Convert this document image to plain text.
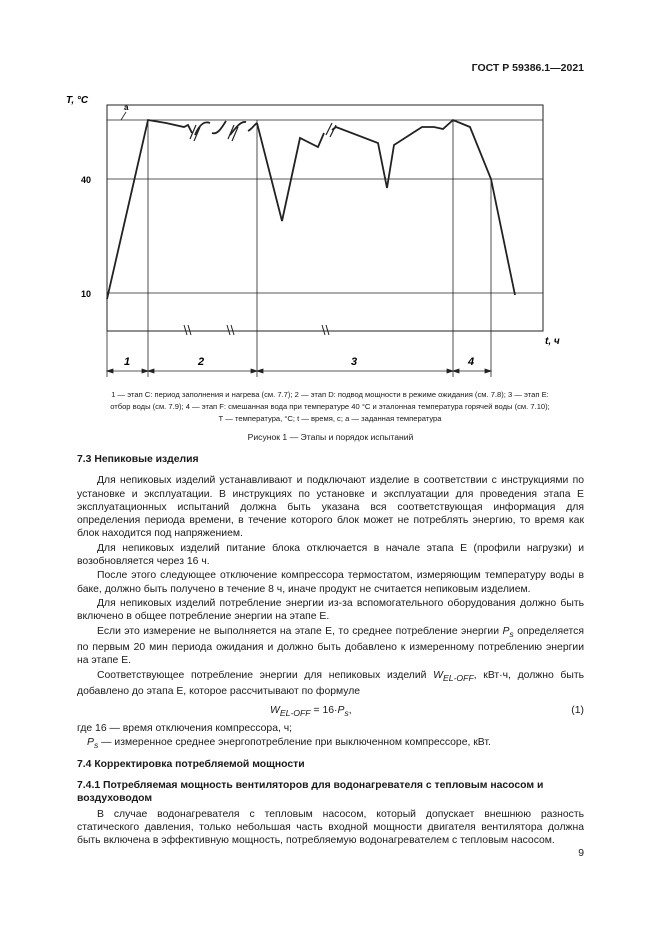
ГОСТ Р 59386.1—2021
T, °С
t, ч
40
10
a
1	2	3	4
1 — этап С: период заполнения и нагрева (см. 7.7); 2 — этап D: подвод мощности в режиме ожидания (см. 7.8); 3 — этап Е:
отбор воды (см. 7.9); 4 — этап F: смешанная вода при температуре 40 °С и эталонная температура горячей воды (см. 7.10);
Т — температура, °С; t — время, с; а — заданная температура
Рисунок 1 — Этапы и порядок испытаний
7.3 Непиковые изделия

Для непиковых изделий устанавливают и подключают изделие в соответствии с инструкциями по установке и эксплуатации. В инструкциях по установке и эксплуатации для проведения этапа Е эксплуатационных испытаний должна быть указана вся соответствующая информация для определения периода времени, в течение которого блок может не потреблять энергию, то время как блок находится под напряжением.

Для непиковых изделий питание блока отключается в начале этапа Е (профили нагрузки) и возобновляется через 16 ч.

После этого следующее отключение компрессора термостатом, измеряющим температуру воды в баке, должно быть получено в течение 8 ч, иначе продукт не считается непиковым изделием.

Для непиковых изделий потребление энергии из-за вспомогательного оборудования должно быть включено в общее потребление энергии на этапе Е.

Если это измерение не выполняется на этапе Е, то среднее потребление энергии $P_s$ определяется по первым 20 мин периода ожидания и должно быть добавлено к измеренному потреблению энергии на этапе Е.

Соответствующее потребление энергии для непиковых изделий $W_{EL-OFF}$, кВт·ч, должно быть добавлено до этапа Е, которое рассчитывают по формуле

$W_{EL-OFF} = 16\cdot P_s$,	(1)

где 16 — время отключения компрессора, ч;

$P_s$ — измеренное среднее энергопотребление при выключенном компрессоре, кВт.

7.4 Корректировка потребляемой мощности
7.4.1 Потребляемая мощность вентиляторов для водонагревателя с тепловым насосом и воздуховодом

В случае водонагревателя с тепловым насосом, который допускает внешнюю разность статического давления, только небольшая часть входной мощности двигателя вентилятора должна быть включена в эффективную мощность, потребляемую водонагревателем с тепловым насосом.

9
